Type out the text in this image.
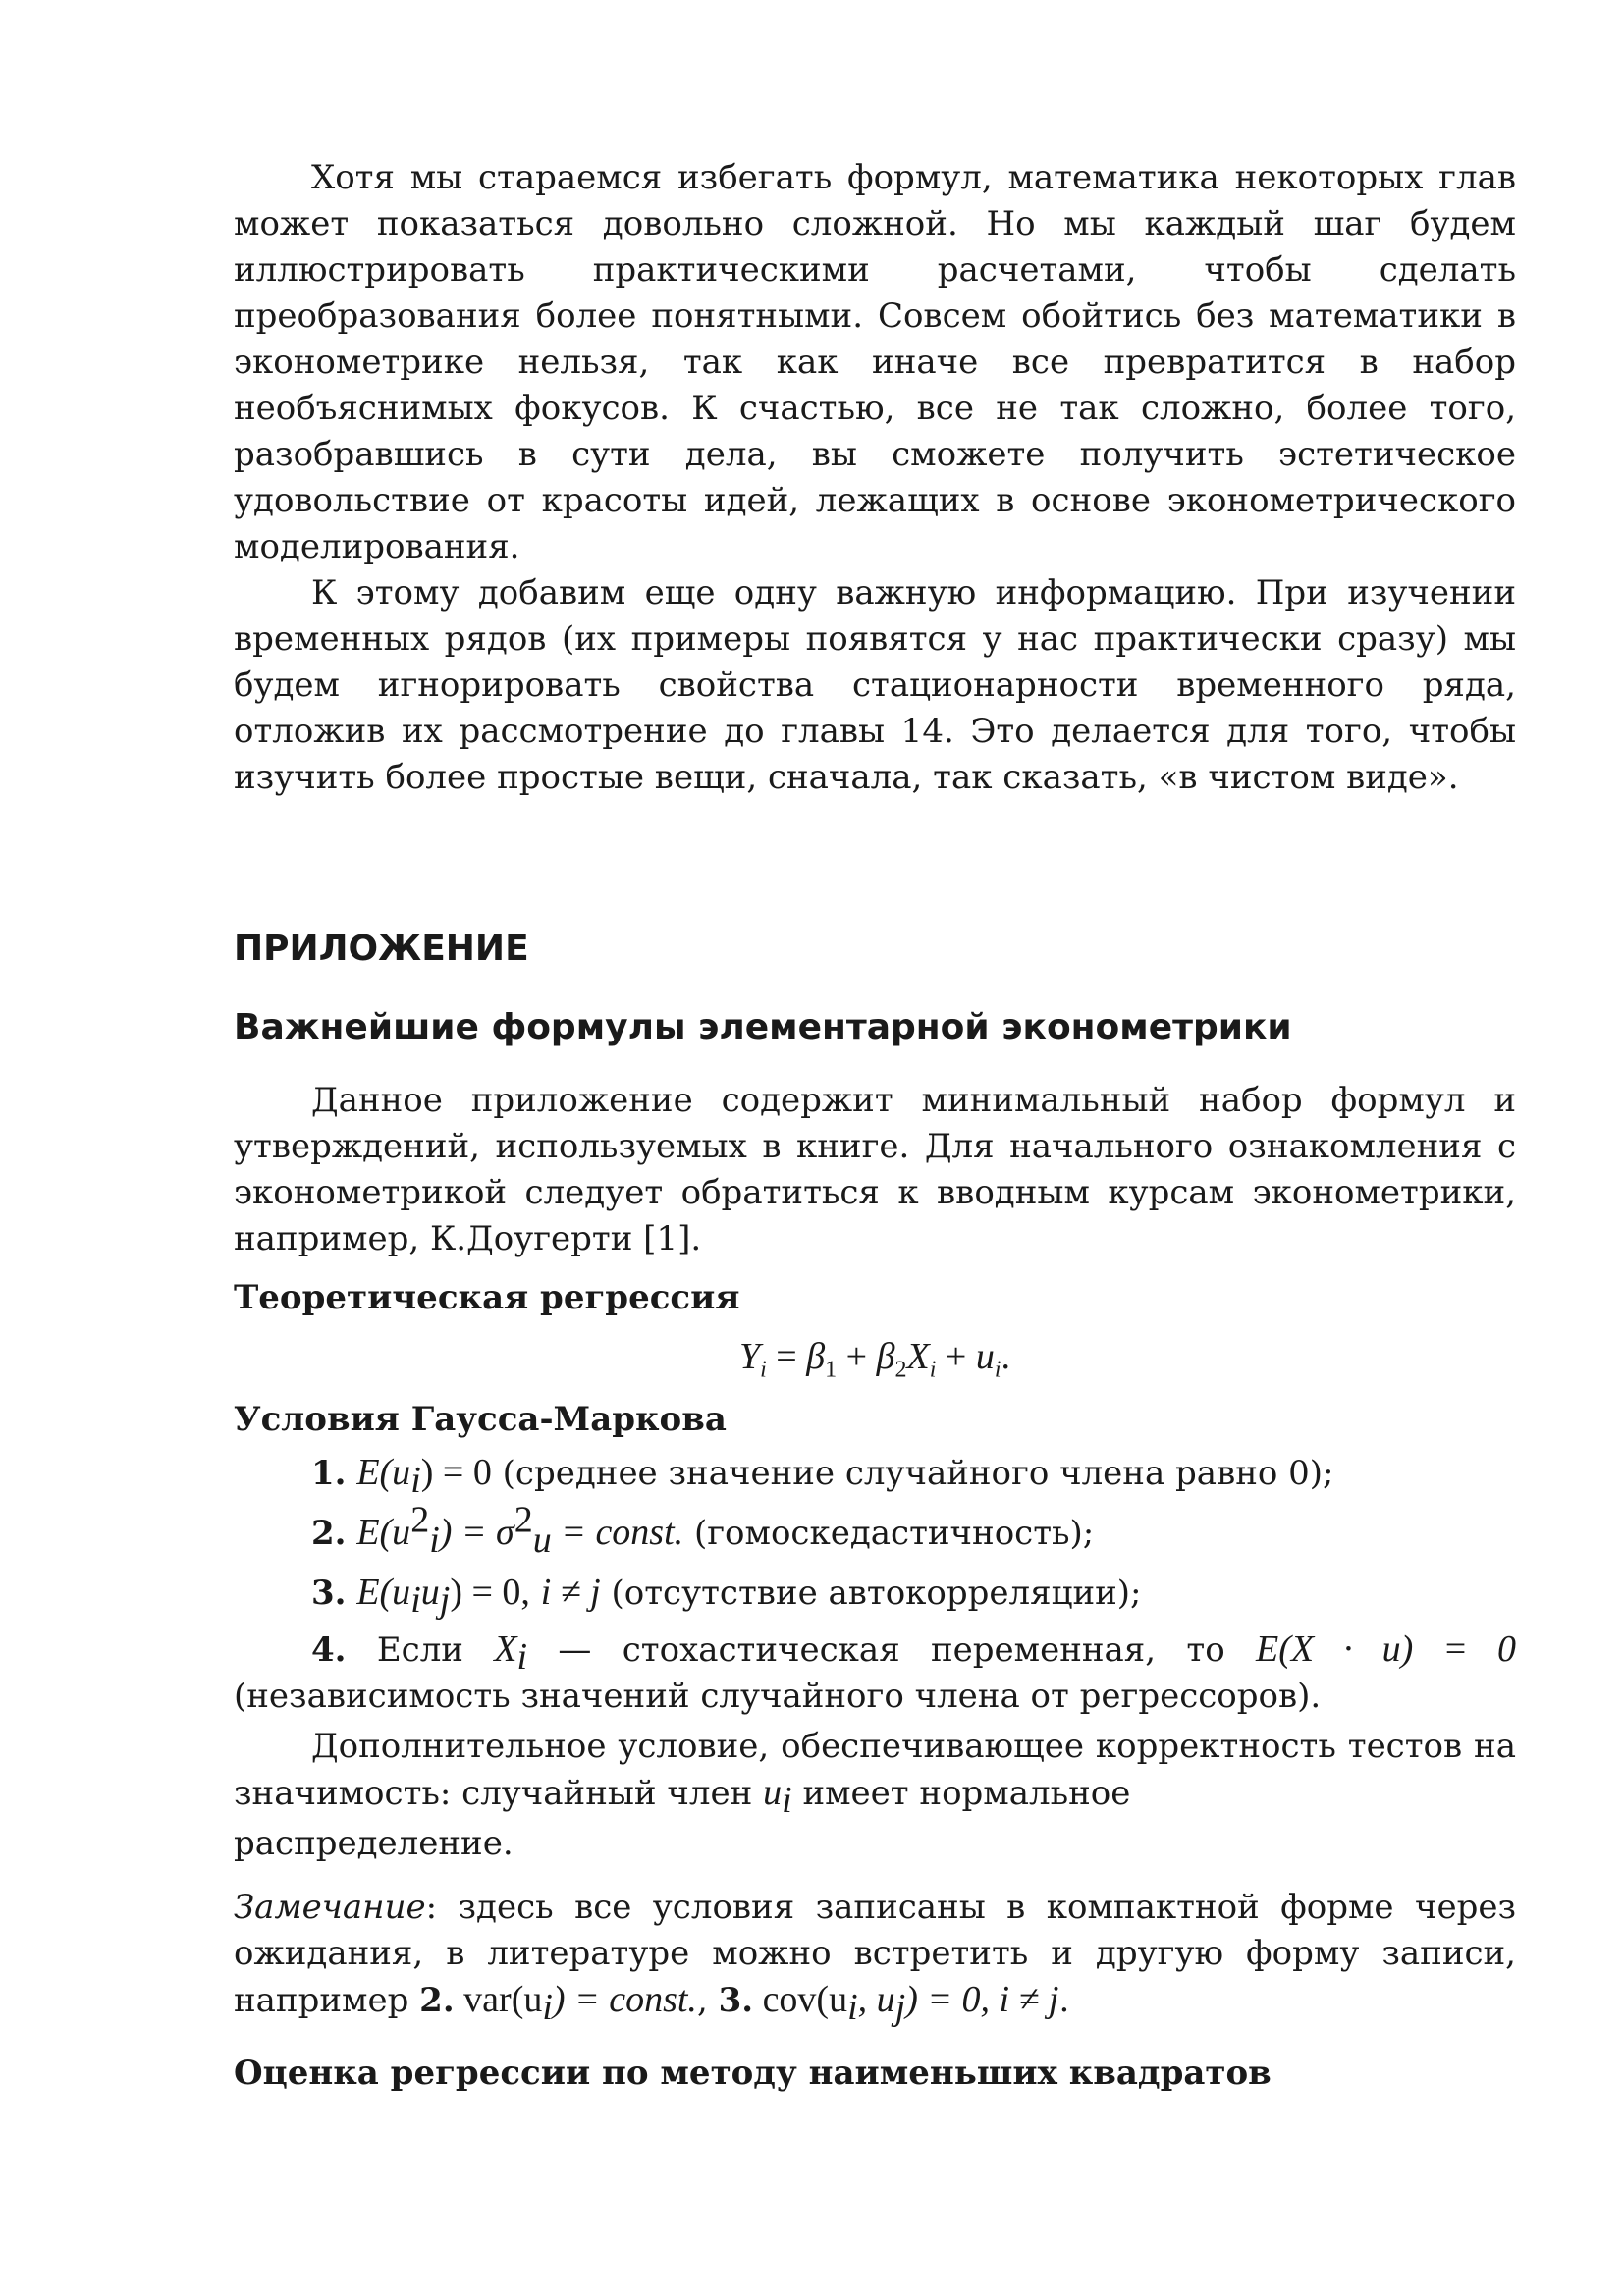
Хотя мы стараемся избегать формул, математика некоторых глав может показаться довольно сложной. Но мы каждый шаг будем иллюстрировать практическими расчетами, чтобы сделать преобразования более понятными. Совсем обойтись без математики в эконометрике нельзя, так как иначе все превратится в набор необъяснимых фокусов. К счастью, все не так сложно, более того, разобравшись в сути дела, вы сможете получить эстетическое удовольствие от красоты идей, лежащих в основе эконометрического моделирования.

К этому добавим еще одну важную информацию. При изучении временных рядов (их примеры появятся у нас практически сразу) мы будем игнорировать свойства стационарности временного ряда, отложив их рассмотрение до главы 14. Это делается для того, чтобы изучить более простые вещи, сначала, так сказать, «в чистом виде».

ПРИЛОЖЕНИЕ
Важнейшие формулы элементарной эконометрики

Данное приложение содержит минимальный набор формул и утверждений, используемых в книге. Для начального ознакомления с эконометрикой следует обратиться к вводным курсам эконометрики, например, К.Доугерти [1].

Теоретическая регрессия
$Y_i = \beta_1 + \beta_2X_i + u_i$.
Условия Гаусса-Маркова

1. $E(u_i) = 0$ (среднее значение случайного члена равно 0);

2. $E(u^2_i) = \sigma^2_u$ = const. (гомоскедастичность);

3. $E(u_iu_j) = 0$, i ≠ j (отсутствие автокорреляции);

4. Если $X_i$ — стохастическая переменная, то E(X · u) = 0 (независимость значений случайного члена от регрессоров).

Дополнительное условие, обеспечивающее корректность тестов на значимость: случайный член $u_i$ имеет нормальное
распределение.

Замечание: здесь все условия записаны в компактной форме через ожидания, в литературе можно встретить и другую форму записи, например 2. $var(u_i)$ = const., 3. $cov(u_i$, $u_j) = 0$, i ≠ j.

Оценка регрессии по методу наименьших квадратов
